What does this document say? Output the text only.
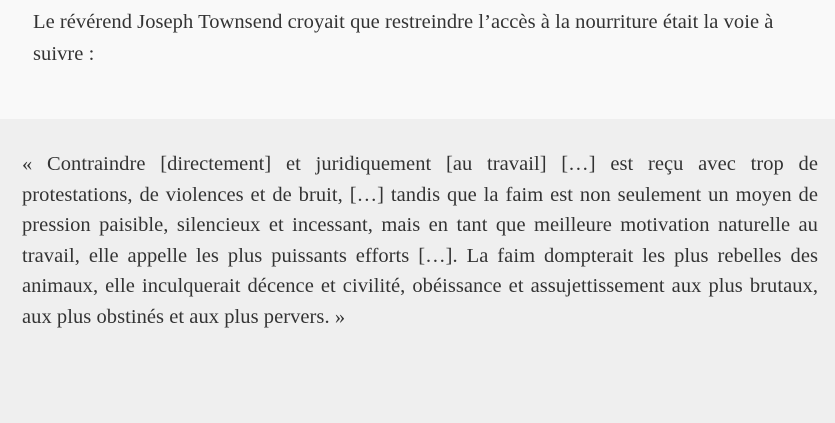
Le révérend Joseph Townsend croyait que restreindre l’accès à la nourriture était la voie à suivre :

« Contraindre [directement] et juridiquement [au travail] […] est reçu avec trop de protestations, de violences et de bruit, […] tandis que la faim est non seulement un moyen de pression paisible, silencieux et incessant, mais en tant que meilleure motivation naturelle au travail, elle appelle les plus puissants efforts […]. La faim dompterait les plus rebelles des animaux, elle inculquerait décence et civilité, obéissance et assujettissement aux plus brutaux, aux plus obstinés et aux plus pervers. »
